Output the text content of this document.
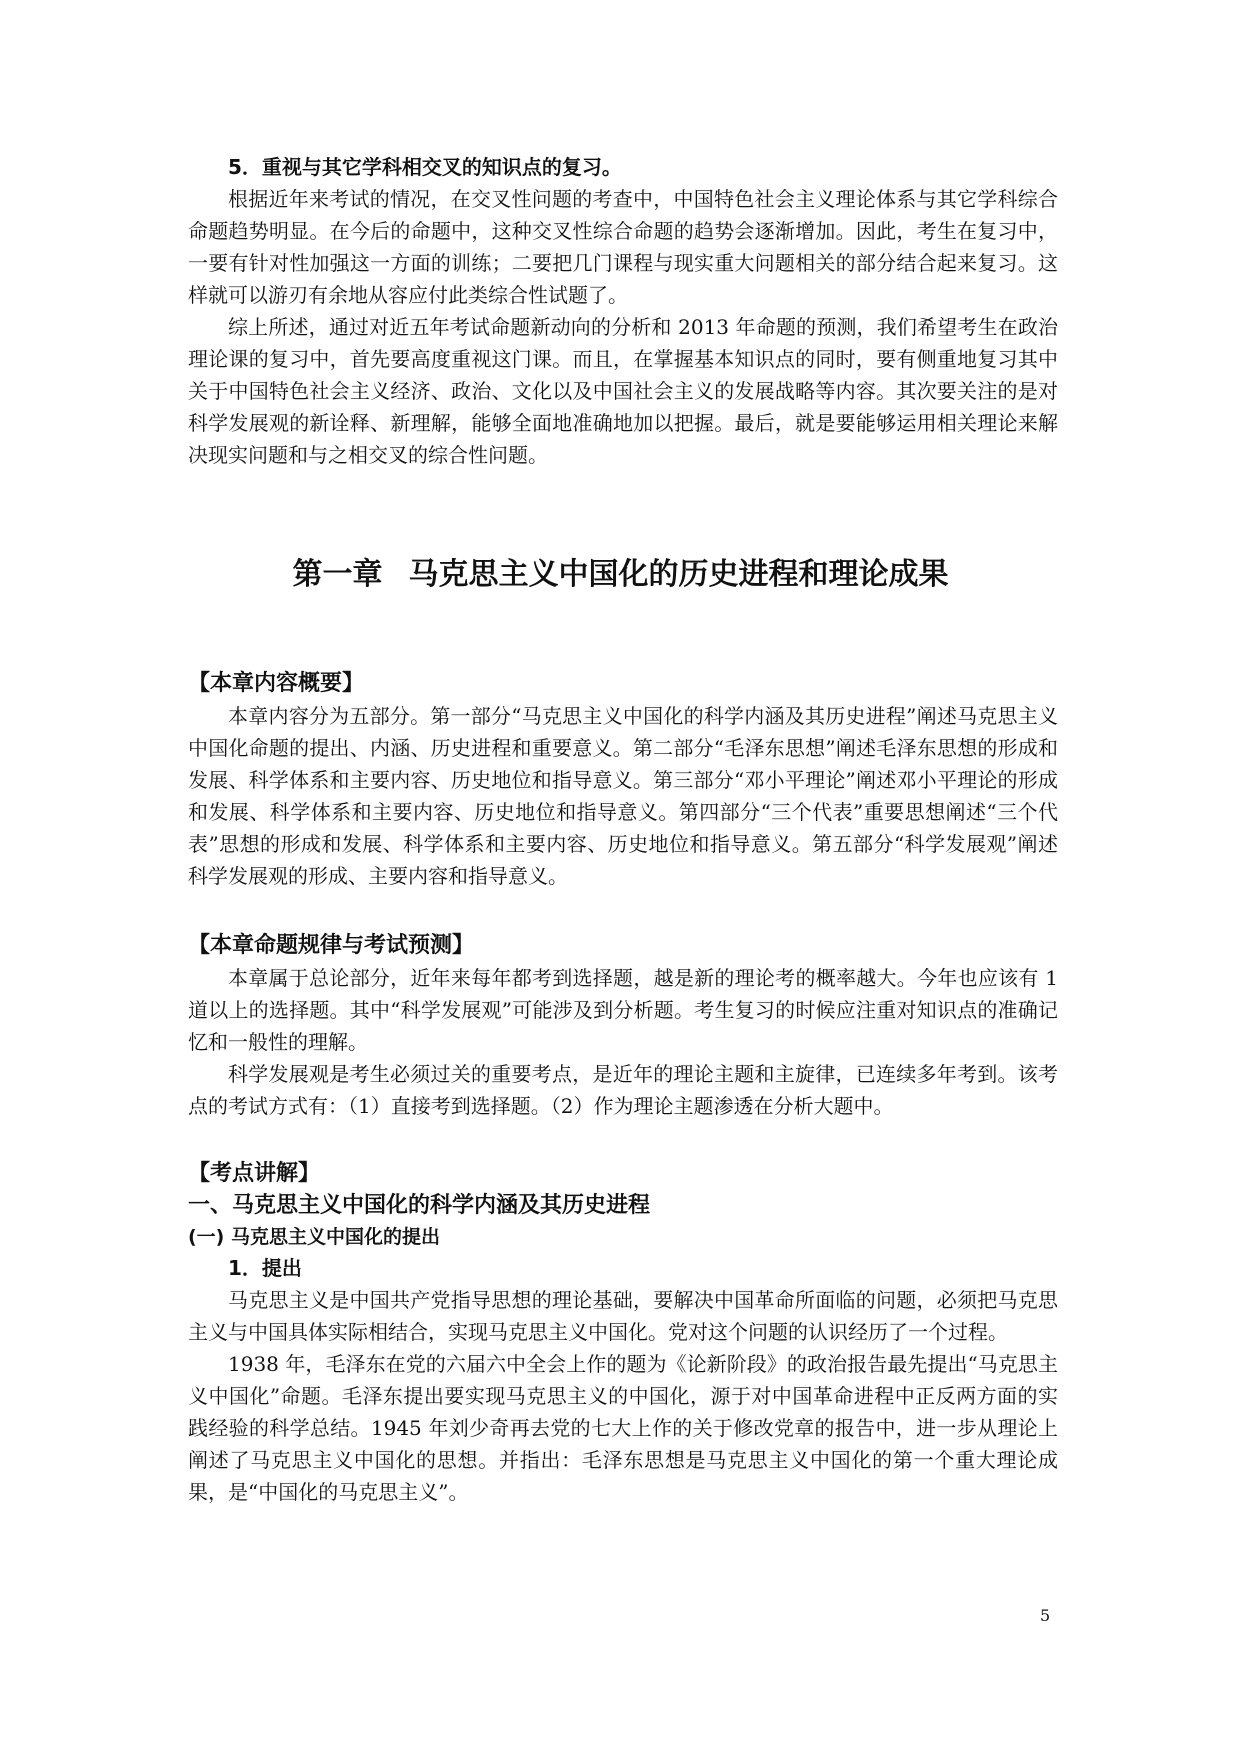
5．重视与其它学科相交叉的知识点的复习。

根据近年来考试的情况，在交叉性问题的考查中，中国特色社会主义理论体系与其它学科综合命题趋势明显。在今后的命题中，这种交叉性综合命题的趋势会逐渐增加。因此，考生在复习中，一要有针对性加强这一方面的训练；二要把几门课程与现实重大问题相关的部分结合起来复习。这样就可以游刃有余地从容应付此类综合性试题了。

综上所述，通过对近五年考试命题新动向的分析和 2013 年命题的预测，我们希望考生在政治理论课的复习中，首先要高度重视这门课。而且，在掌握基本知识点的同时，要有侧重地复习其中关于中国特色社会主义经济、政治、文化以及中国社会主义的发展战略等内容。其次要关注的是对科学发展观的新诠释、新理解，能够全面地准确地加以把握。最后，就是要能够运用相关理论来解决现实问题和与之相交叉的综合性问题。

第一章 马克思主义中国化的历史进程和理论成果

【本章内容概要】

本章内容分为五部分。第一部分“马克思主义中国化的科学内涵及其历史进程”阐述马克思主义中国化命题的提出、内涵、历史进程和重要意义。第二部分“毛泽东思想”阐述毛泽东思想的形成和发展、科学体系和主要内容、历史地位和指导意义。第三部分“邓小平理论”阐述邓小平理论的形成和发展、科学体系和主要内容、历史地位和指导意义。第四部分“三个代表”重要思想阐述“三个代表”思想的形成和发展、科学体系和主要内容、历史地位和指导意义。第五部分“科学发展观”阐述科学发展观的形成、主要内容和指导意义。

【本章命题规律与考试预测】

本章属于总论部分，近年来每年都考到选择题，越是新的理论考的概率越大。今年也应该有 1 道以上的选择题。其中“科学发展观”可能涉及到分析题。考生复习的时候应注重对知识点的准确记忆和一般性的理解。

科学发展观是考生必须过关的重要考点，是近年的理论主题和主旋律，已连续多年考到。该考点的考试方式有：（1）直接考到选择题。（2）作为理论主题渗透在分析大题中。

【考点讲解】

一、马克思主义中国化的科学内涵及其历史进程

(一) 马克思主义中国化的提出

1．提出

马克思主义是中国共产党指导思想的理论基础，要解决中国革命所面临的问题，必须把马克思主义与中国具体实际相结合，实现马克思主义中国化。党对这个问题的认识经历了一个过程。

1938 年，毛泽东在党的六届六中全会上作的题为《论新阶段》的政治报告最先提出“马克思主义中国化”命题。毛泽东提出要实现马克思主义的中国化，源于对中国革命进程中正反两方面的实践经验的科学总结。1945 年刘少奇再去党的七大上作的关于修改党章的报告中，进一步从理论上阐述了马克思主义中国化的思想。并指出：毛泽东思想是马克思主义中国化的第一个重大理论成果，是“中国化的马克思主义”。

5
